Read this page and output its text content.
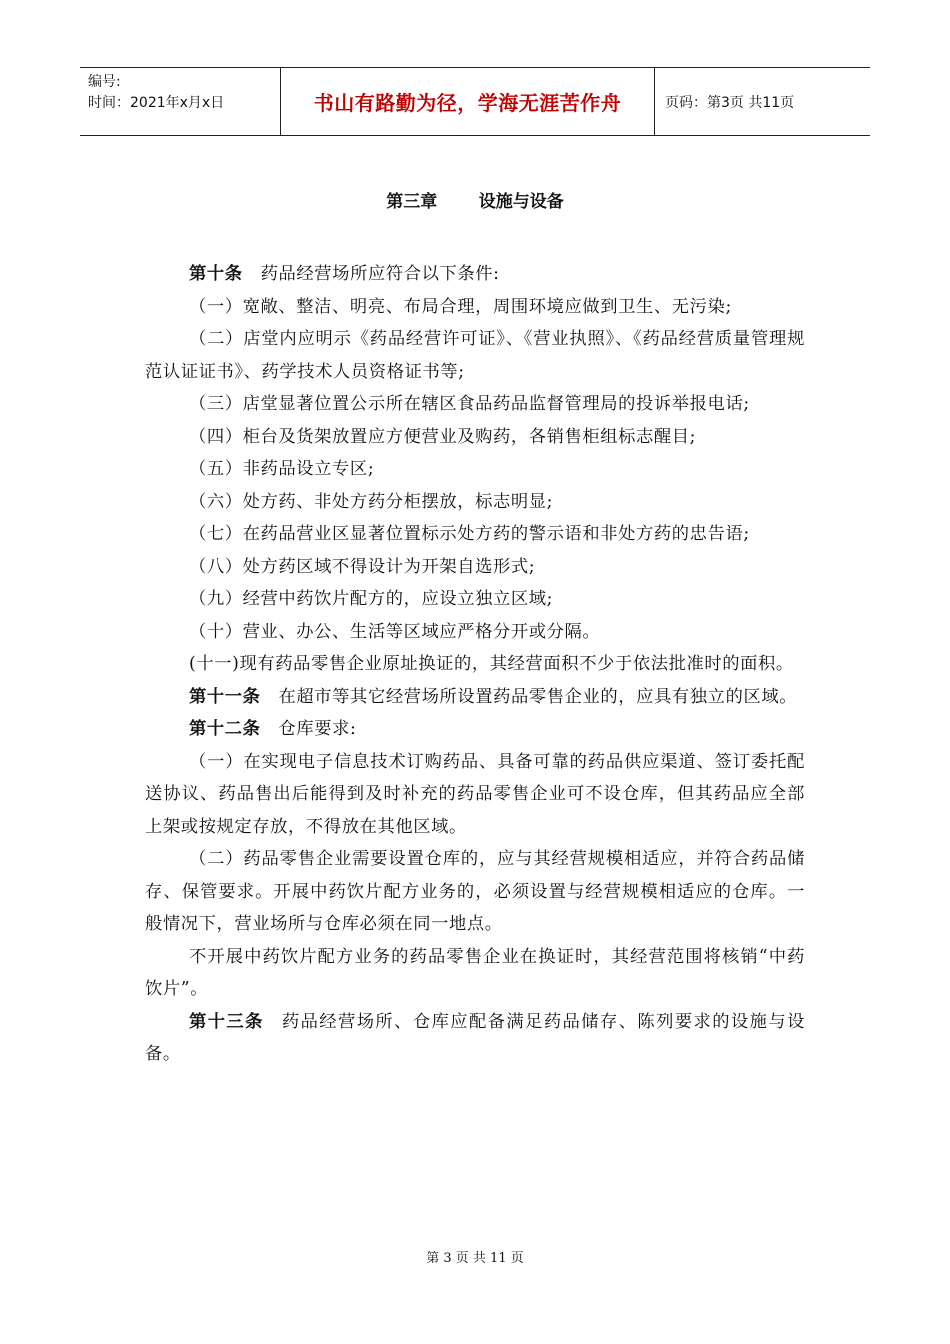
编号:
时间：2021年x月x日	书山有路勤为径，学海无涯苦作舟	页码：第3页 共11页
第三章       设施与设备

第十条 药品经营场所应符合以下条件:

（一）宽敞、整洁、明亮、布局合理，周围环境应做到卫生、无污染;

（二）店堂内应明示《药品经营许可证》、《营业执照》、《药品经营质量管理规范认证证书》、药学技术人员资格证书等;

（三）店堂显著位置公示所在辖区食品药品监督管理局的投诉举报电话;

（四）柜台及货架放置应方便营业及购药，各销售柜组标志醒目;

（五）非药品设立专区;

（六）处方药、非处方药分柜摆放，标志明显;

（七）在药品营业区显著位置标示处方药的警示语和非处方药的忠告语;

（八）处方药区域不得设计为开架自选形式;

（九）经营中药饮片配方的，应设立独立区域;

（十）营业、办公、生活等区域应严格分开或分隔。

(十一)现有药品零售企业原址换证的，其经营面积不少于依法批准时的面积。

第十一条 在超市等其它经营场所设置药品零售企业的，应具有独立的区域。

第十二条 仓库要求:

（一）在实现电子信息技术订购药品、具备可靠的药品供应渠道、签订委托配送协议、药品售出后能得到及时补充的药品零售企业可不设仓库，但其药品应全部上架或按规定存放，不得放在其他区域。

（二）药品零售企业需要设置仓库的，应与其经营规模相适应，并符合药品储存、保管要求。开展中药饮片配方业务的，必须设置与经营规模相适应的仓库。一般情况下，营业场所与仓库必须在同一地点。

不开展中药饮片配方业务的药品零售企业在换证时，其经营范围将核销“中药饮片”。

第十三条 药品经营场所、仓库应配备满足药品储存、陈列要求的设施与设备。

第 3 页 共 11 页
